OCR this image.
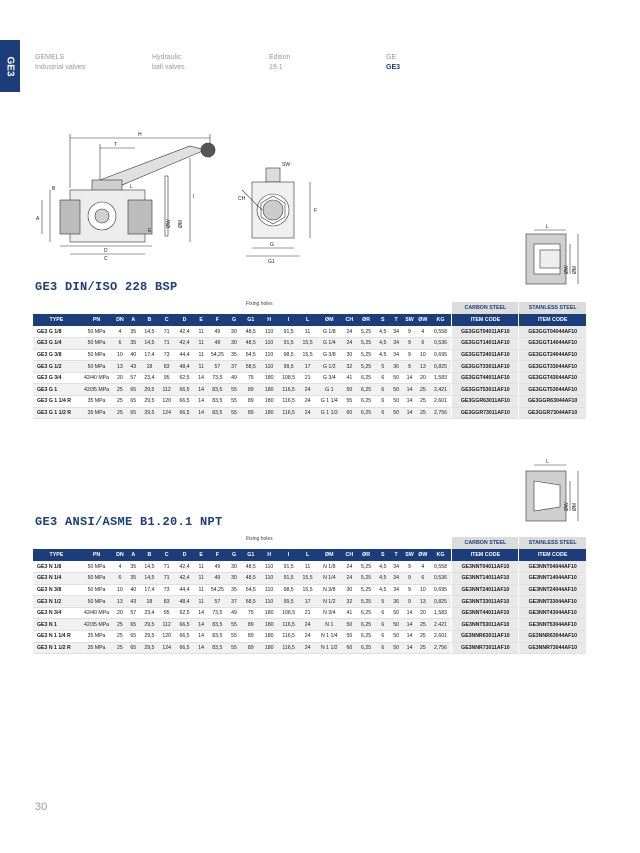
GE3	GEMELS
Industrial valves
Hydraulic
ball valves
Edition
19.1
GE
GE3
H
T
B	L
A
I
E
D
C
ØW ØM
SW
CH
F
G
G1
L
ØW ØM
L
ØW ØM
GE3 DIN/ISO 228 BSP
Fixing holes
																						CARBON STEEL	STAINLESS STEEL
TYPE	PN	DN	A	B	C	D	E	F	G	G1	H	I	L	ØM	CH	ØR	S	T	SW	ØW	KG	ITEM CODE	ITEM CODE
GE3 G 1/8	50 MPa	4	35	14,5	71	42,4	11	49	30	48,5	110	91,5	11	G 1/8	24	5,25	4,5	34	9	4	0,558	GE3GGT04011AF10	GE3GGT04044AF10
GE3 G 1/4	50 MPa	6	35	14,5	71	42,4	11	49	30	48,5	110	91,5	15,5	G 1/4	24	5,25	4,5	34	9	6	0,536	GE3GGT14011AF10	GE3GGT14044AF10
GE3 G 3/8	50 MPa	10	40	17,4	73	44,4	11	54,25	35	54,5	110	98,5	15,5	G 3/8	30	5,25	4,5	34	9	10	0,695	GE3GGT24011AF10	GE3GGT24044AF10
GE3 G 1/2	50 MPa	13	43	18	83	48,4	11	57	37	58,5	110	99,5	17	G 1/2	32	5,25	5	36	9	13	0,825	GE3GGT33011AF10	GE3GGT33044AF10
GE3 G 3/4	42/40 MPa	20	57	23,4	95	62,5	14	73,5	49	75	180	108,5	21	G 3/4	41	6,25	6	50	14	20	1,583	GE3GGT44011AF10	GE3GGT43044AF10
GE3 G 1	42/35 MPa	25	65	29,5	112	66,5	14	83,5	55	89	180	116,5	24	G 1	50	6,25	6	50	14	25	2,421	GE3GGT53011AF10	GE3GGT53044AF10
GE3 G 1 1/4 R	35 MPa	25	65	29,5	120	66,5	14	83,5	55	89	180	116,5	24	G 1 1/4	55	6,25	6	50	14	25	2,601	GE3GGR63011AF10	GE3GGR63044AF10
GE3 G 1 1/2 R	35 MPa	25	65	29,5	124	66,5	14	83,5	55	89	180	116,5	24	G 1 1/2	60	6,25	6	50	14	25	2,756	GE3GGR73011AF10	GE3GGR73044AF10
GE3 ANSI/ASME B1.20.1 NPT
Fixing holes
																						CARBON STEEL	STAINLESS STEEL
TYPE	PN	DN	A	B	C	D	E	F	G	G1	H	I	L	ØM	CH	ØR	S	T	SW	ØW	KG	ITEM CODE	ITEM CODE
GE3 N 1/8	50 MPa	4	35	14,5	71	42,4	11	49	30	48,5	110	91,5	11	N 1/8	24	5,25	4,5	34	9	4	0,558	GE3NNT04011AF10	GE3NNT04044AF10
GE3 N 1/4	50 MPa	6	35	14,5	71	42,4	11	49	30	48,5	110	91,5	15,5	N 1/4	24	5,25	4,5	34	9	6	0,536	GE3NNT14011AF10	GE3NNT14044AF10
GE3 N 3/8	50 MPa	10	40	17,4	73	44,4	11	54,25	35	54,5	110	98,5	15,5	N 3/8	30	5,25	4,5	34	9	10	0,695	GE3NNT24011AF10	GE3NNT24044AF10
GE3 N 1/2	50 MPa	13	43	18	83	48,4	11	57	37	58,5	110	99,5	17	N 1/2	32	5,25	5	36	9	13	0,825	GE3NNT33011AF10	GE3NNT33044AF10
GE3 N 3/4	42/40 MPa	20	57	23,4	95	62,5	14	73,5	49	75	180	108,5	21	N 3/4	41	6,25	6	50	14	20	1,583	GE3NNT44011AF10	GE3NNT43044AF10
GE3 N 1	42/35 MPa	25	65	29,5	112	66,5	14	83,5	55	89	180	116,5	24	N 1	50	6,25	6	50	14	25	2.421	GE3NNT53011AF10	GE3NNT53044AF10
GE3 N 1 1/4 R	35 MPa	25	65	29,5	120	66,5	14	83,5	55	89	180	116,5	24	N 1 1/4	55	6,25	6	50	14	25	2,601	GE3NNR63011AF10	GE3NNR63044AF10
GE3 N 1 1/2 R	35 MPa	25	65	29,5	124	66,5	14	83,5	55	89	180	116,5	24	N 1 1/2	60	6,25	6	50	14	25	2,756	GE3NNR73011AF10	GE3NNR73044AF10
30
